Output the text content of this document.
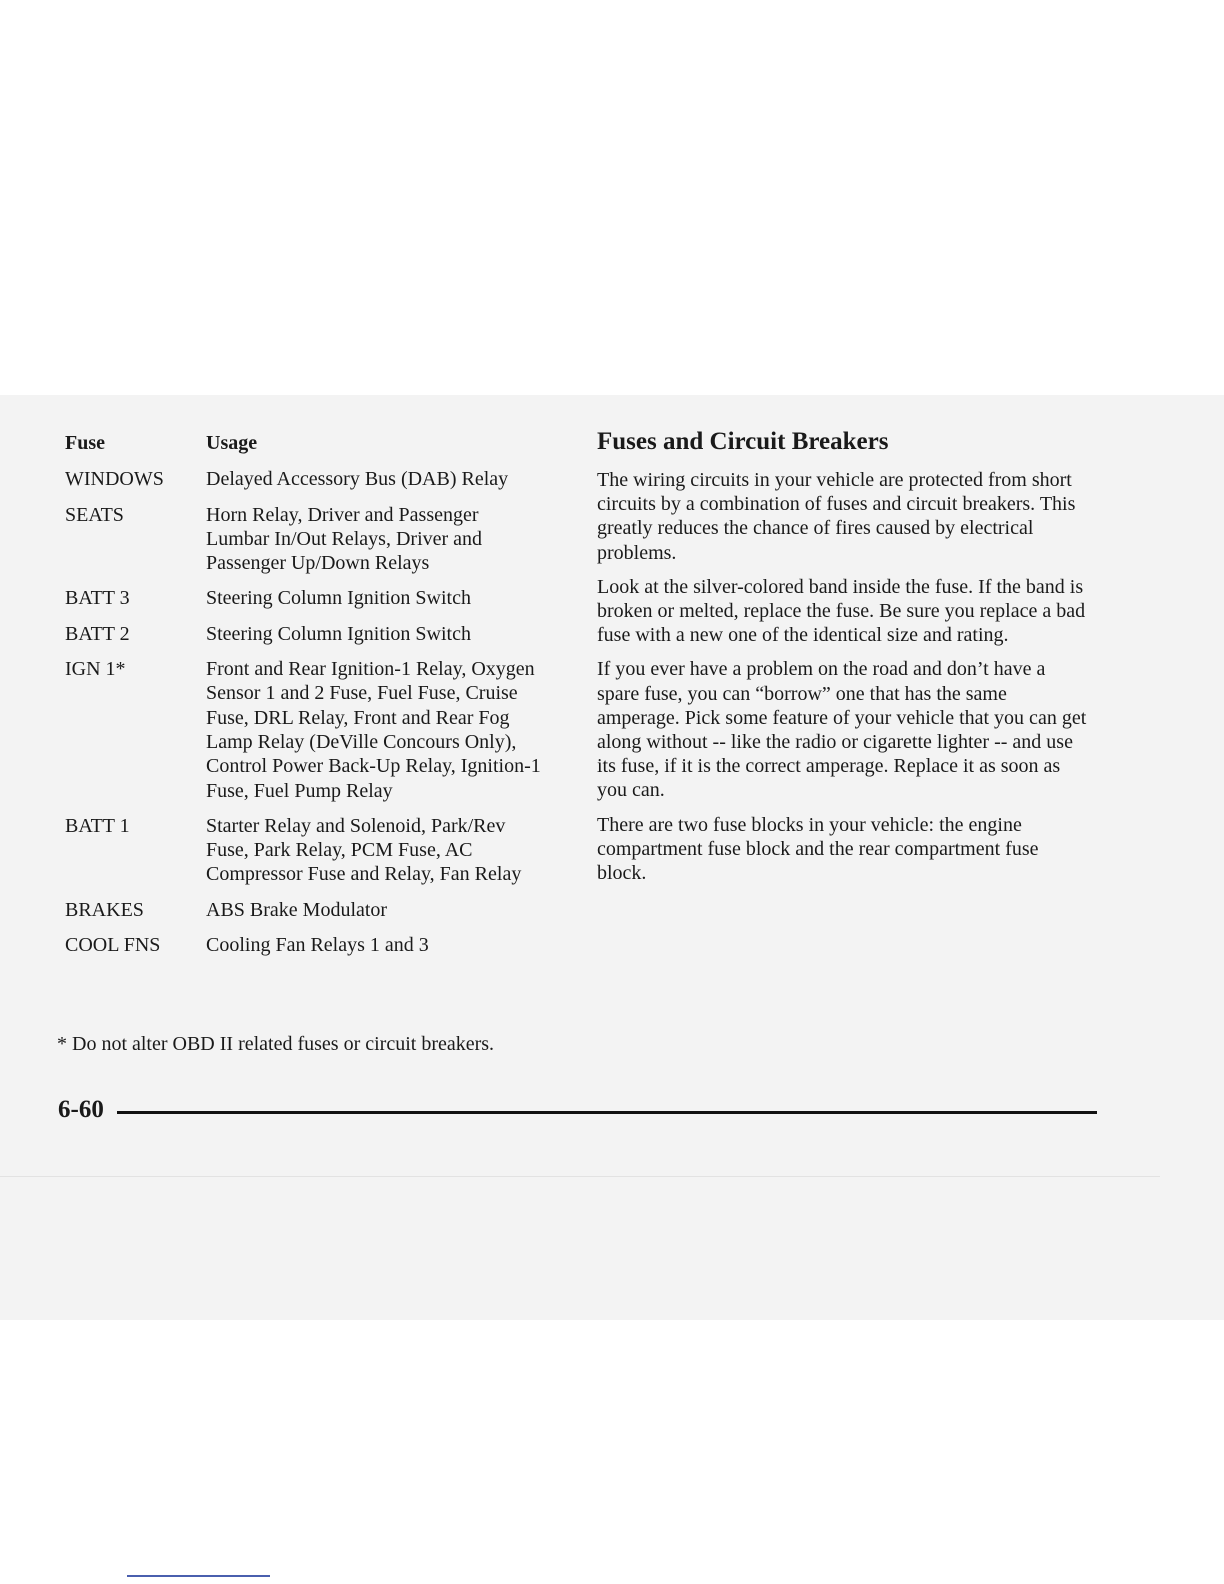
Fuse	Usage
WINDOWS	Delayed Accessory Bus (DAB) Relay
SEATS	Horn Relay, Driver and Passenger Lumbar In/Out Relays, Driver and Passenger Up/Down Relays
BATT 3	Steering Column Ignition Switch
BATT 2	Steering Column Ignition Switch
IGN 1*	Front and Rear Ignition-1 Relay, Oxygen Sensor 1 and 2 Fuse, Fuel Fuse, Cruise Fuse, DRL Relay, Front and Rear Fog Lamp Relay (DeVille Concours Only), Control Power Back-Up Relay, Ignition-1 Fuse, Fuel Pump Relay
BATT 1	Starter Relay and Solenoid, Park/Rev Fuse, Park Relay, PCM Fuse, AC Compressor Fuse and Relay, Fan Relay
BRAKES	ABS Brake Modulator
COOL FNS	Cooling Fan Relays 1 and 3
* Do not alter OBD II related fuses or circuit breakers.
Fuses and Circuit Breakers

The wiring circuits in your vehicle are protected from short circuits by a combination of fuses and circuit breakers. This greatly reduces the chance of fires caused by electrical problems.

Look at the silver-colored band inside the fuse. If the band is broken or melted, replace the fuse. Be sure you replace a bad fuse with a new one of the identical size and rating.

If you ever have a problem on the road and don’t have a spare fuse, you can “borrow” one that has the same amperage. Pick some feature of your vehicle that you can get along without -- like the radio or cigarette lighter -- and use its fuse, if it is the correct amperage. Replace it as soon as you can.

There are two fuse blocks in your vehicle: the engine compartment fuse block and the rear compartment fuse block.

6-60
